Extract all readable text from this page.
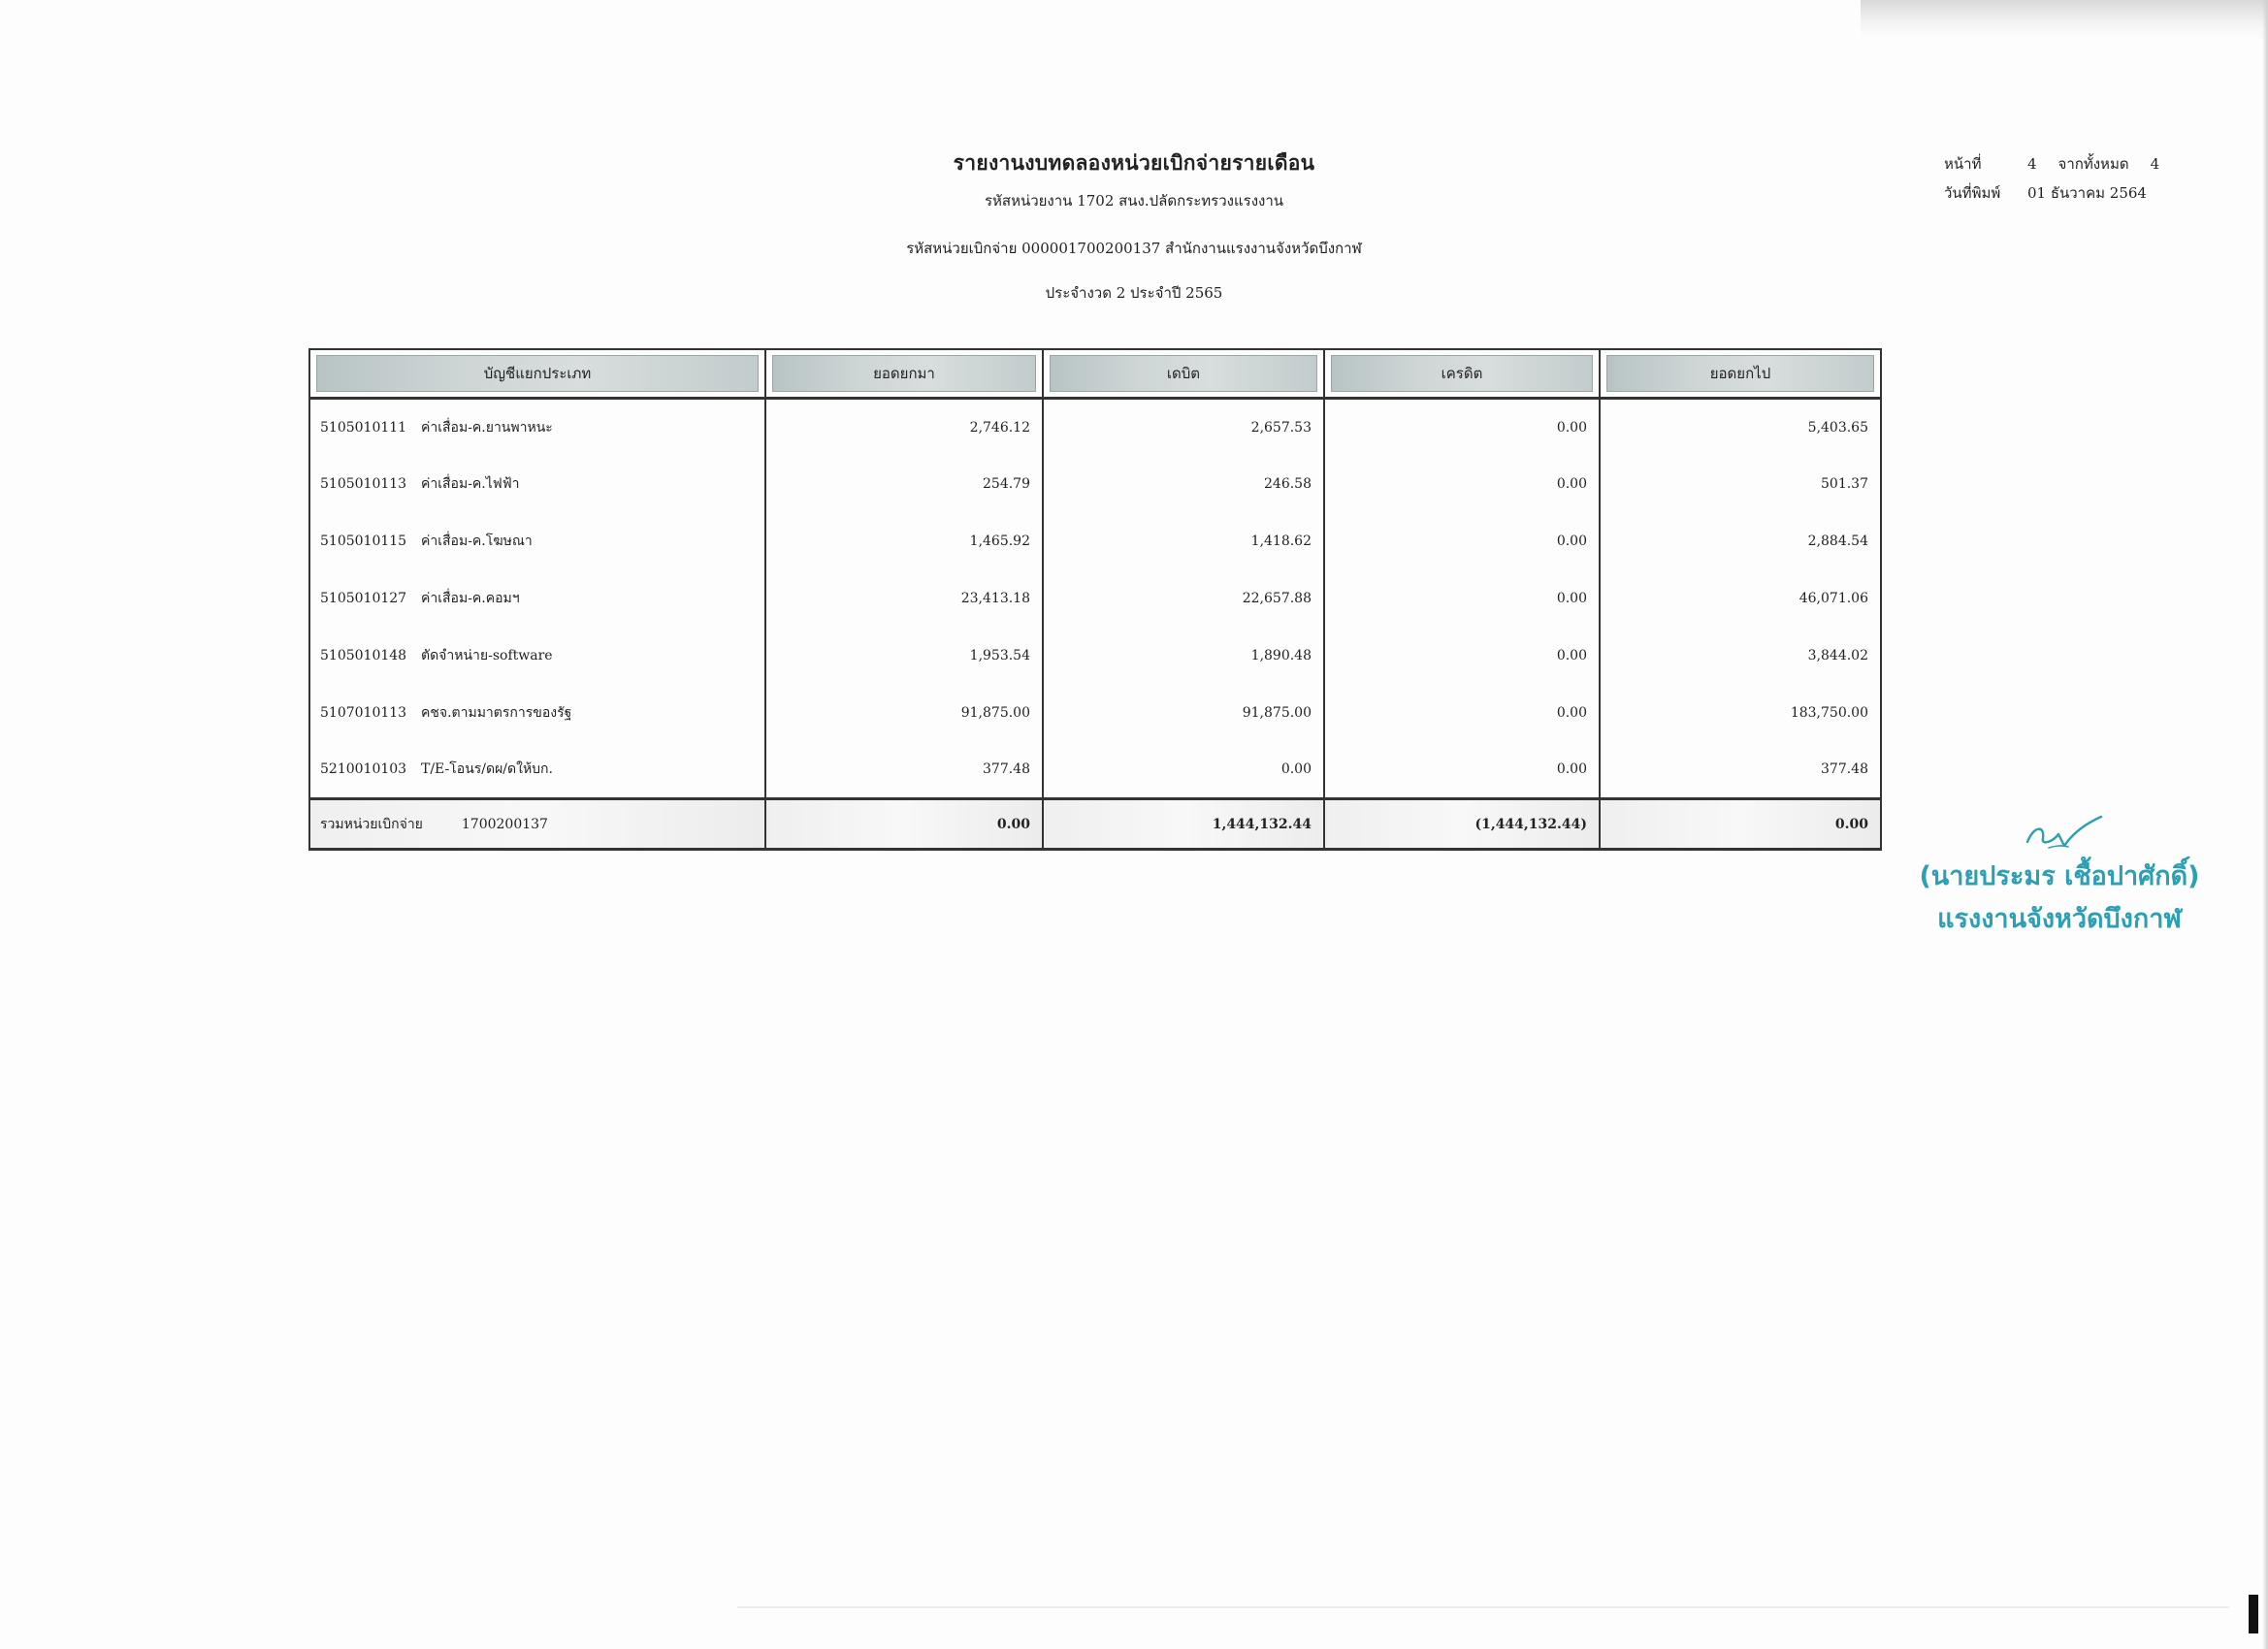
รายงานงบทดลองหน่วยเบิกจ่ายรายเดือน
รหัสหน่วยงาน 1702 สนง.ปลัดกระทรวงแรงงาน
รหัสหน่วยเบิกจ่าย 000001700200137 สำนักงานแรงงานจังหวัดบึงกาฬ
ประจำงวด 2 ประจำปี 2565
หน้าที่	4 จากทั้งหมด 4
วันที่พิมพ์	01 ธันวาคม 2564
บัญชีแยกประเภท	ยอดยกมา	เดบิต	เครดิต	ยอดยกไป

5105010111 ค่าเสื่อม-ค.ยานพาหนะ	2,746.12	2,657.53	0.00	5,403.65
5105010113 ค่าเสื่อม-ค.ไฟฟ้า	254.79	246.58	0.00	501.37
5105010115 ค่าเสื่อม-ค.โฆษณา	1,465.92	1,418.62	0.00	2,884.54
5105010127 ค่าเสื่อม-ค.คอมฯ	23,413.18	22,657.88	0.00	46,071.06
5105010148 ตัดจำหน่าย-software	1,953.54	1,890.48	0.00	3,844.02
5107010113 คชจ.ตามมาตรการของรัฐ	91,875.00	91,875.00	0.00	183,750.00
5210010103 T/E-โอนร/ดผ/ดให้บก.	377.48	0.00	0.00	377.48
รวมหน่วยเบิกจ่าย 1700200137	0.00	1,444,132.44	(1,444,132.44)	0.00
(นายประมร เชื้อปาศักดิ์)
แรงงานจังหวัดบึงกาฬ
